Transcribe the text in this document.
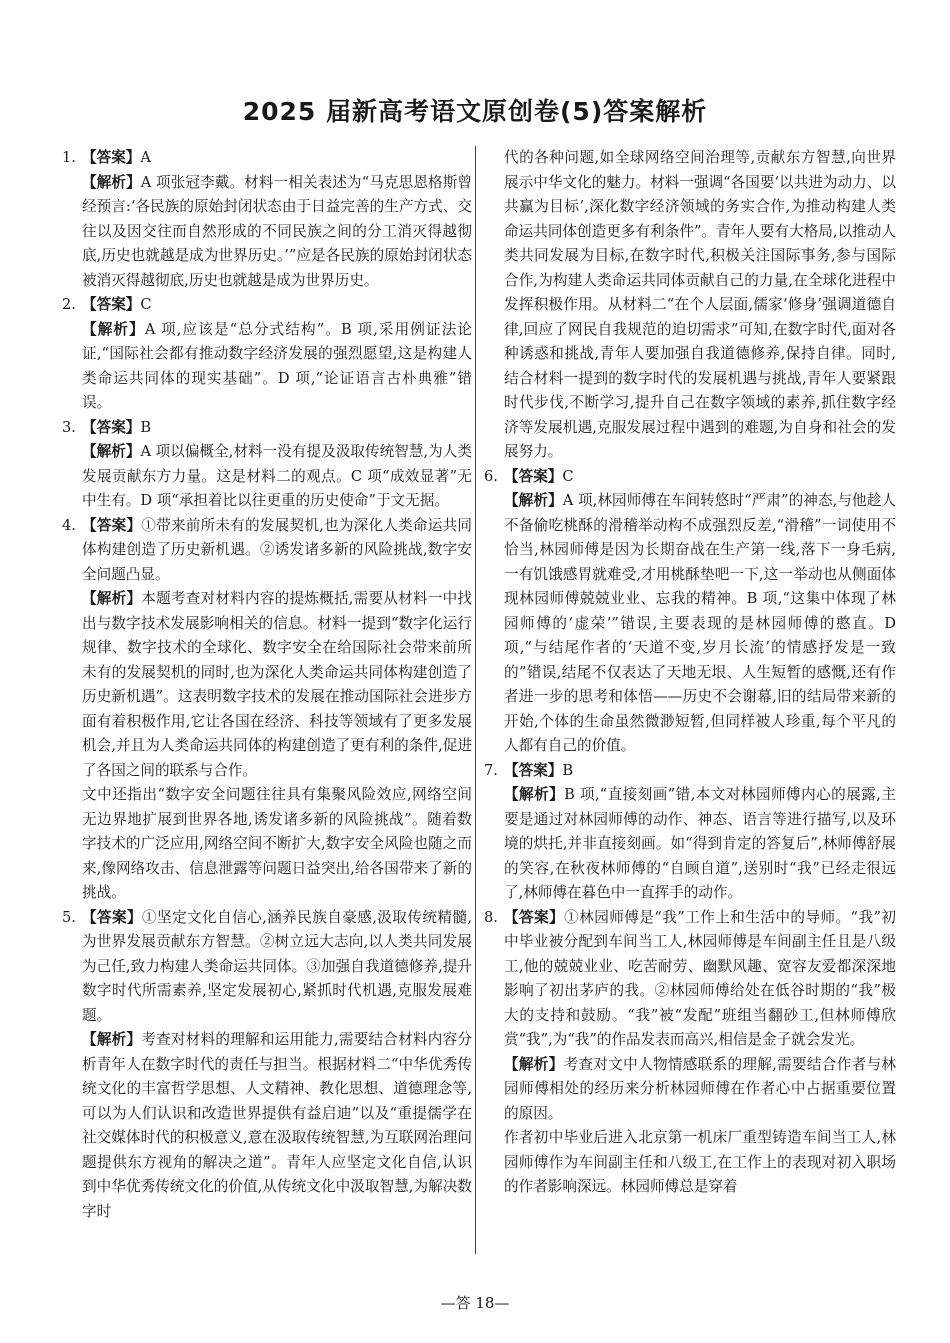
2025 届新高考语文原创卷(5)答案解析

1. 【答案】A

【解析】A 项张冠李戴。材料一相关表述为“马克思恩格斯曾经预言:‘各民族的原始封闭状态由于日益完善的生产方式、交往以及因交往而自然形成的不同民族之间的分工消灭得越彻底,历史也就越是成为世界历史。’”应是各民族的原始封闭状态被消灭得越彻底,历史也就越是成为世界历史。

2. 【答案】C

【解析】A 项,应该是“总分式结构”。B 项,采用例证法论证,“国际社会都有推动数字经济发展的强烈愿望,这是构建人类命运共同体的现实基础”。D 项,“论证语言古朴典雅”错误。

3. 【答案】B

【解析】A 项以偏概全,材料一没有提及汲取传统智慧,为人类发展贡献东方力量。这是材料二的观点。C 项“成效显著”无中生有。D 项“承担着比以往更重的历史使命”于文无据。

4. 【答案】①带来前所未有的发展契机,也为深化人类命运共同体构建创造了历史新机遇。②诱发诸多新的风险挑战,数字安全问题凸显。

【解析】本题考查对材料内容的提炼概括,需要从材料一中找出与数字技术发展影响相关的信息。材料一提到“数字化运行规律、数字技术的全球化、数字安全在给国际社会带来前所未有的发展契机的同时,也为深化人类命运共同体构建创造了历史新机遇”。这表明数字技术的发展在推动国际社会进步方面有着积极作用,它让各国在经济、科技等领域有了更多发展机会,并且为人类命运共同体的构建创造了更有利的条件,促进了各国之间的联系与合作。

文中还指出“数字安全问题往往具有集聚风险效应,网络空间无边界地扩展到世界各地,诱发诸多新的风险挑战”。随着数字技术的广泛应用,网络空间不断扩大,数字安全风险也随之而来,像网络攻击、信息泄露等问题日益突出,给各国带来了新的挑战。

5. 【答案】①坚定文化自信心,涵养民族自豪感,汲取传统精髓,为世界发展贡献东方智慧。②树立远大志向,以人类共同发展为己任,致力构建人类命运共同体。③加强自我道德修养,提升数字时代所需素养,坚定发展初心,紧抓时代机遇,克服发展难题。

【解析】考查对材料的理解和运用能力,需要结合材料内容分析青年人在数字时代的责任与担当。根据材料二“中华优秀传统文化的丰富哲学思想、人文精神、教化思想、道德理念等,可以为人们认识和改造世界提供有益启迪”以及“重提儒学在社交媒体时代的积极意义,意在汲取传统智慧,为互联网治理问题提供东方视角的解决之道”。青年人应坚定文化自信,认识到中华优秀传统文化的价值,从传统文化中汲取智慧,为解决数字时

代的各种问题,如全球网络空间治理等,贡献东方智慧,向世界展示中华文化的魅力。材料一强调“各国要‘以共进为动力、以共赢为目标’,深化数字经济领域的务实合作,为推动构建人类命运共同体创造更多有利条件”。青年人要有大格局,以推动人类共同发展为目标,在数字时代,积极关注国际事务,参与国际合作,为构建人类命运共同体贡献自己的力量,在全球化进程中发挥积极作用。从材料二“在个人层面,儒家‘修身’强调道德自律,回应了网民自我规范的迫切需求”可知,在数字时代,面对各种诱惑和挑战,青年人要加强自我道德修养,保持自律。同时,结合材料一提到的数字时代的发展机遇与挑战,青年人要紧跟时代步伐,不断学习,提升自己在数字领域的素养,抓住数字经济等发展机遇,克服发展过程中遇到的难题,为自身和社会的发展努力。

6. 【答案】C

【解析】A 项,林园师傅在车间转悠时“严肃”的神态,与他趁人不备偷吃桃酥的滑稽举动构不成强烈反差,“滑稽”一词使用不恰当,林园师傅是因为长期奋战在生产第一线,落下一身毛病,一有饥饿感胃就难受,才用桃酥垫吧一下,这一举动也从侧面体现林园师傅兢兢业业、忘我的精神。B 项,“这集中体现了林园师傅的‘虚荣’”错误,主要表现的是林园师傅的憨直。D 项,“与结尾作者的‘天道不变,岁月长流’的情感抒发是一致的”错误,结尾不仅表达了天地无垠、人生短暂的感慨,还有作者进一步的思考和体悟——历史不会谢幕,旧的结局带来新的开始,个体的生命虽然微渺短暂,但同样被人珍重,每个平凡的人都有自己的价值。

7. 【答案】B

【解析】B 项,“直接刻画”错,本文对林园师傅内心的展露,主要是通过对林园师傅的动作、神态、语言等进行描写,以及环境的烘托,并非直接刻画。如“得到肯定的答复后”,林师傅舒展的笑容,在秋夜林师傅的“自顾自道”,送别时“我”已经走很远了,林师傅在暮色中一直挥手的动作。

8. 【答案】①林园师傅是“我”工作上和生活中的导师。“我”初中毕业被分配到车间当工人,林园师傅是车间副主任且是八级工,他的兢兢业业、吃苦耐劳、幽默风趣、宽容友爱都深深地影响了初出茅庐的我。②林园师傅给处在低谷时期的“我”极大的支持和鼓励。“我”被“发配”班组当翻砂工,但林师傅欣赏“我”,为“我”的作品发表而高兴,相信是金子就会发光。

【解析】考查对文中人物情感联系的理解,需要结合作者与林园师傅相处的经历来分析林园师傅在作者心中占据重要位置的原因。

作者初中毕业后进入北京第一机床厂重型铸造车间当工人,林园师傅作为车间副主任和八级工,在工作上的表现对初入职场的作者影响深远。林园师傅总是穿着

—答 18—
